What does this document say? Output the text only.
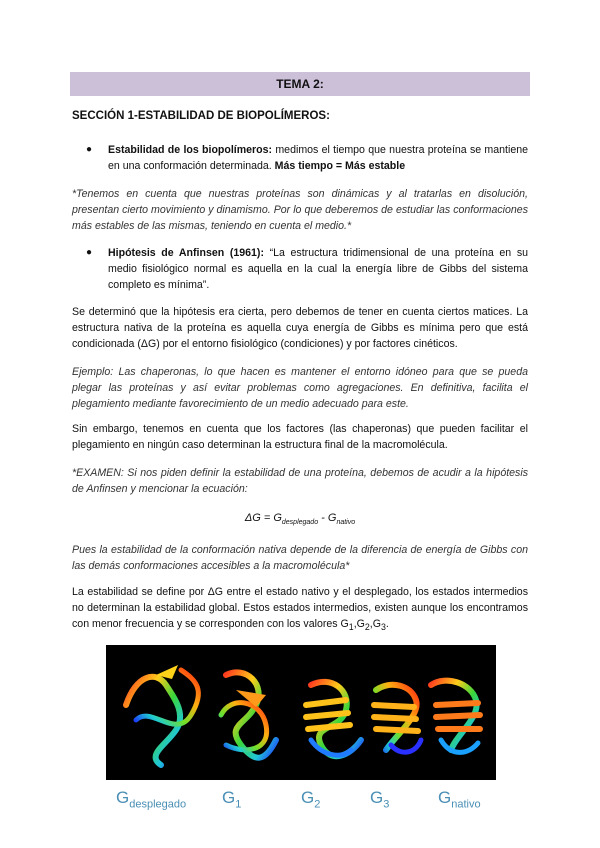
TEMA 2:
SECCIÓN 1-ESTABILIDAD DE BIOPOLÍMEROS:
● Estabilidad de los biopolímeros: medimos el tiempo que nuestra proteína se mantiene en una conformación determinada. Más tiempo = Más estable
*Tenemos en cuenta que nuestras proteínas son dinámicas y al tratarlas en disolución, presentan cierto movimiento y dinamismo. Por lo que deberemos de estudiar las conformaciones más estables de las mismas, teniendo en cuenta el medio.*
● Hipótesis de Anfinsen (1961): “La estructura tridimensional de una proteína en su medio fisiológico normal es aquella en la cual la energía libre de Gibbs del sistema completo es mínima”.
Se determinó que la hipótesis era cierta, pero debemos de tener en cuenta ciertos matices. La estructura nativa de la proteína es aquella cuya energía de Gibbs es mínima pero que está condicionada (ΔG) por el entorno fisiológico (condiciones) y por factores cinéticos.
Ejemplo: Las chaperonas, lo que hacen es mantener el entorno idóneo para que se pueda plegar las proteínas y así evitar problemas como agregaciones. En definitiva, facilita el plegamiento mediante favorecimiento de un medio adecuado para este.
Sin embargo, tenemos en cuenta que los factores (las chaperonas) que pueden facilitar el plegamiento en ningún caso determinan la estructura final de la macromolécula.
*EXAMEN: Si nos piden definir la estabilidad de una proteína, debemos de acudir a la hipótesis de Anfinsen y mencionar la ecuación:
$\Delta G = G_{desplegado} - G_{nativo}$
Pues la estabilidad de la conformación nativa depende de la diferencia de energía de Gibbs con las demás conformaciones accesibles a la macromolécula*
La estabilidad se define por ΔG entre el estado nativo y el desplegado, los estados intermedios no determinan la estabilidad global. Estos estados intermedios, existen aunque los encontramos con menor frecuencia y se corresponden con los valores $G_1,G_2,G_3$.
$G_{desplegado}$ $G_1$	$G_2$	$G_3$	$G_{nativo}$
